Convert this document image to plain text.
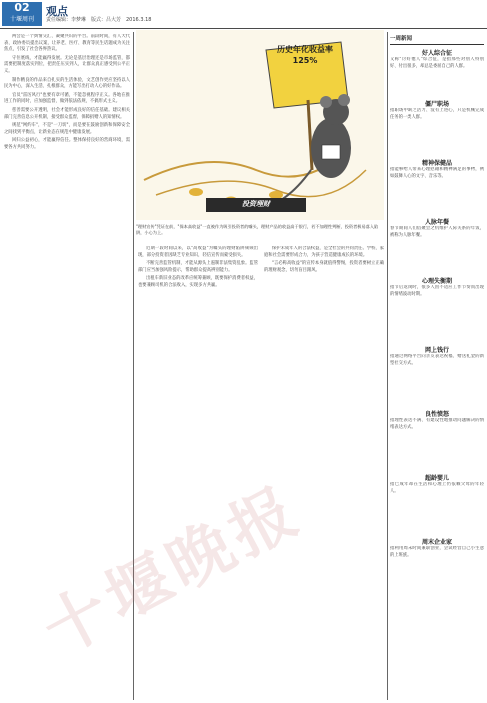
02
十堰周刊
观点
责任编辑：李梦琳　版式：吕大芳　2016.3.18
历史年化收益率125%
投资理财
"理财宣传"凭证在前，"保本高收益"一直被作为吸引投资者的噱头，理财产品的收益高于银行，若不加理性判断，投资者极易落入陷阱，小心为上。

两会是一个舆情交汇、凝聚共识的平台。前段时间，有人大代表、政协委员提出议案，让养老、医疗、教育等民生话题成为关注焦点，引发了社会各界热议。

守住底线，才能赢得发展。无论是基层治理还是市场监管，都需要把制度落实到位，把责任压实到人，让群众真正感受到公平正义。

制作精良的作品来自扎实的生活体验，文艺创作更应坚持以人民为中心，深入生活、扎根群众，方能写出打动人心的好作品。

官员"雷厉风行"也要有章可循，不能忽视程序正义。各地在推进工作的同时，应加强监督，做到依法依规，不搞形式主义。

慈善需要公开透明，社会才能形成良好的信任基础。建议相关部门完善信息公开机制，接受群众监督，保障捐赠人的知情权。

规范"网约车"，不是"一刀切"，而是要在鼓励创新和保障安全之间找到平衡点，让新业态在规范中健康发展。

回归公益初心，才能赢得信任。整体保持良好的营商环境，需要各方共同努力。

近期一段时间以来，以"高收益"为噱头的理财陷阱频频出现，部分投资者因缺乏专业知识，轻信宣传而蒙受损失。

不断完善监管机制，才能从源头上遏制非法集资乱象。监管部门应当加强风险提示，帮助群众提高辨别能力。

出租车新旧业态的改革应统筹兼顾，既要保护消费者权益，也要兼顾司机的合法收入，实现多方共赢。

保护未成年人的合法权益，是全社会的共同责任。学校、家庭和社会需要形成合力，为孩子营造健康成长的环境。

"言必称高收益"的宣传本身就值得警惕，投资者要树立正确的理财观念，切勿盲目跟风。

十堰晚报
一周新闻
好人综合征
又称"讨好他人"综合征，是指那些对别人特别好、付出很多，却总是委屈自己的人群。
僵尸职场
指职场中缺乏活力、没有上进心，只是机械完成任务的一类人群。
精神保健品
指能够给人带来心理慰藉和精神满足的事物，例如鼓舞人心的文字、音乐等。
人脉年餐
春节期间人们借聚会之机维护人际关系的年饭，被称为人脉年餐。
心理失衡期
指节后返岗时，很多人因不适应工作节奏而出现的情绪波动时期。
网上钱行
指通过网络平台向亲友表达祝福、赠送礼金的新型社交方式。
良性愤怒
指理性表达不满、有建设性地推动问题解决的情绪表达方式。
超龄婴儿
指已成年却在生活和心理上仍依赖父母的年轻人。
周末企业家
指利用周末时间兼职创业，尝试经营自己小生意的上班族。
